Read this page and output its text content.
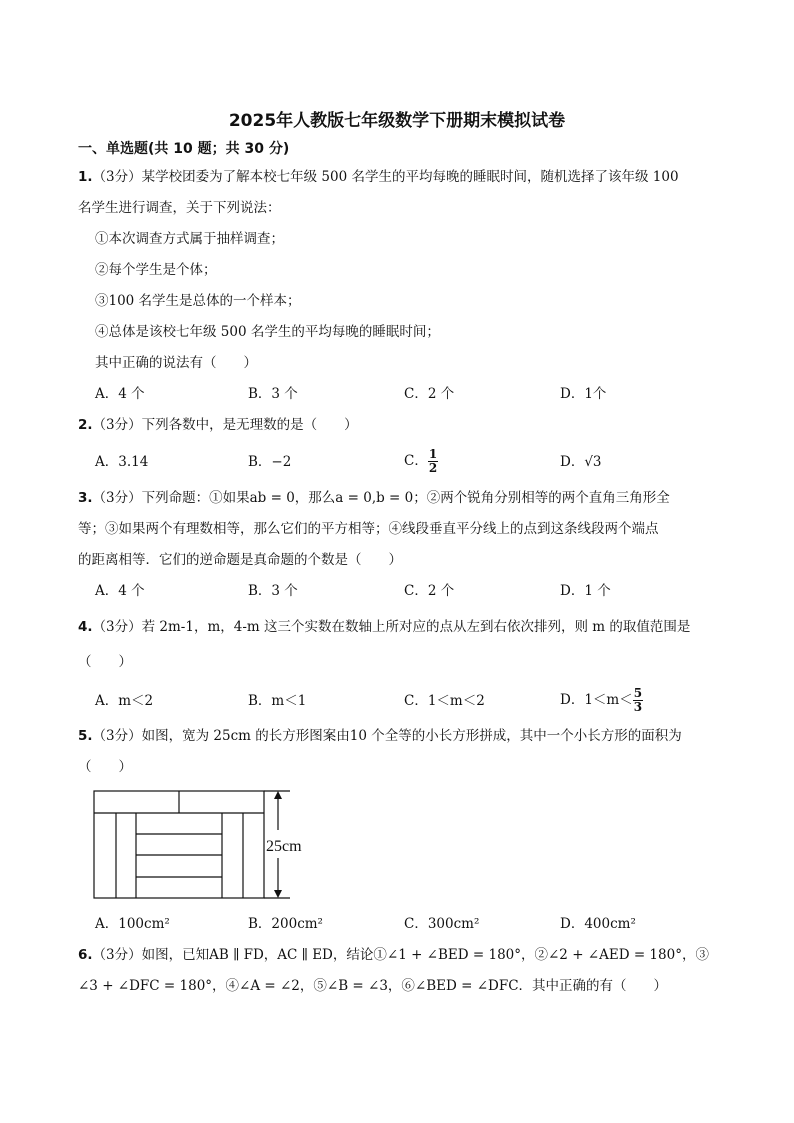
2025年人教版七年级数学下册期末模拟试卷
一、单选题(共 10 题；共 30 分)
1.（3分）某学校团委为了解本校七年级 500 名学生的平均每晚的睡眠时间，随机选择了该年级 100
名学生进行调查，关于下列说法：
①本次调查方式属于抽样调查；
②每个学生是个体；
③100 名学生是总体的一个样本；
④总体是该校七年级 500 名学生的平均每晚的睡眠时间；
其中正确的说法有（　　）
A．4 个	B．3 个	C．2 个	D．1个
2.（3分）下列各数中，是无理数的是（　　）
A．3.14	B．−2	C． $\frac{1}{2}$	D．√3
3.（3分）下列命题：①如果ab = 0，那么a = 0,b = 0；②两个锐角分别相等的两个直角三角形全
等；③如果两个有理数相等，那么它们的平方相等；④线段垂直平分线上的点到这条线段两个端点
的距离相等．它们的逆命题是真命题的个数是（　　）
A．4 个	B．3 个	C．2 个	D．1 个
4.（3分）若 2m-1，m，4-m 这三个实数在数轴上所对应的点从左到右依次排列，则 m 的取值范围是
（　　）
A．m＜2	B．m＜1	C．1＜m＜2	D．$1<m< \frac{5}{3}$
5.（3分）如图，宽为 25cm 的长方形图案由10 个全等的小长方形拼成，其中一个小长方形的面积为
（　　）
25cm
A．100cm²	B．200cm²	C．300cm²	D．400cm²
6.（3分）如图，已知AB ∥ FD，AC ∥ ED，结论①∠1 + ∠BED = 180°，②∠2 + ∠AED = 180°，③
∠3 + ∠DFC = 180°，④∠A = ∠2，⑤∠B = ∠3，⑥∠BED = ∠DFC．其中正确的有（　　）
